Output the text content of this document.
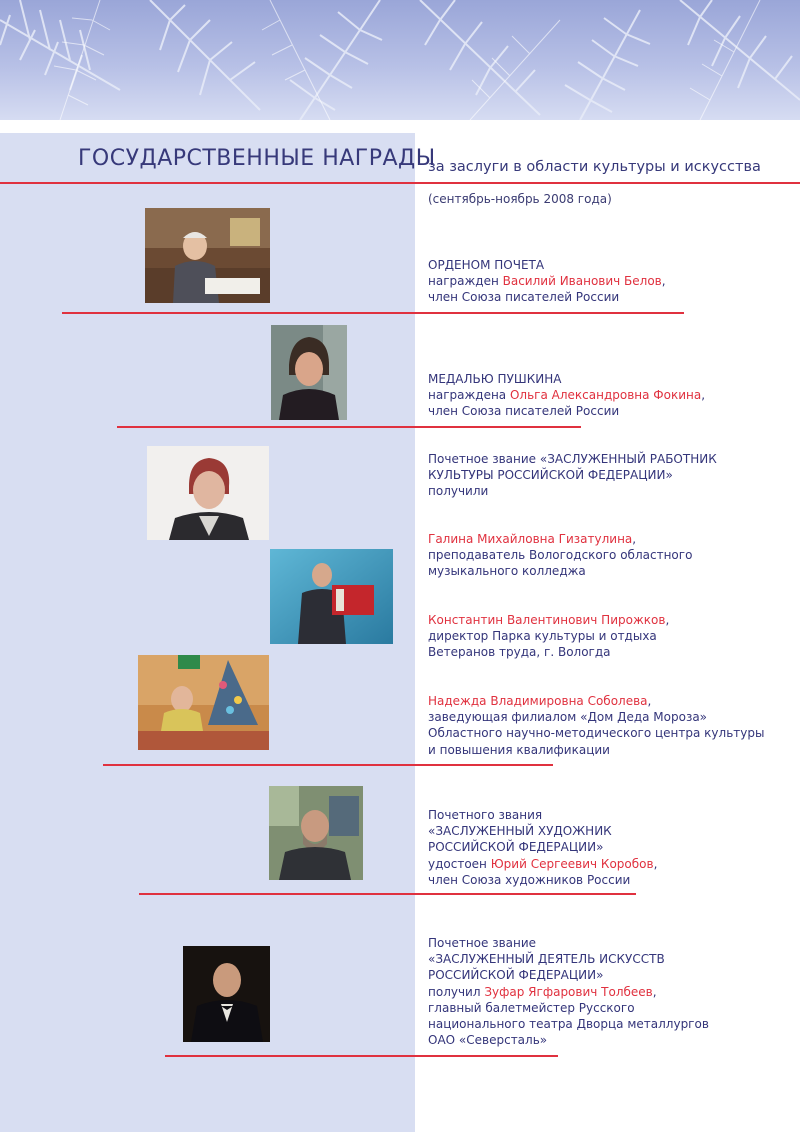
ГОСУДАРСТВЕННЫЕ НАГРАДЫ
за заслуги в области культуры и искусства
(сентябрь-ноябрь 2008 года)
ОРДЕНОМ ПОЧЕТА
награжден Василий Иванович Белов,
член Союза писателей России
МЕДАЛЬЮ ПУШКИНА
награждена Ольга Александровна Фокина,
член Союза писателей России
Почетное звание «ЗАСЛУЖЕННЫЙ РАБОТНИК
КУЛЬТУРЫ РОССИЙСКОЙ ФЕДЕРАЦИИ»
получили
Галина Михайловна Гизатулина,
преподаватель Вологодского областного
музыкального колледжа
Константин Валентинович Пирожков,
директор Парка культуры и отдыха
Ветеранов труда, г. Вологда
Надежда Владимировна Соболева,
заведующая филиалом «Дом Деда Мороза»
Областного научно-методического центра культуры
и повышения квалификации
Почетного звания
«ЗАСЛУЖЕННЫЙ ХУДОЖНИК
РОССИЙСКОЙ ФЕДЕРАЦИИ»
удостоен Юрий Сергеевич Коробов,
член Союза художников России
Почетное звание
«ЗАСЛУЖЕННЫЙ ДЕЯТЕЛЬ ИСКУССТВ
РОССИЙСКОЙ ФЕДЕРАЦИИ»
получил Зуфар Ягфарович Толбеев,
главный балетмейстер Русского
национального театра Дворца металлургов
ОАО «Северсталь»
